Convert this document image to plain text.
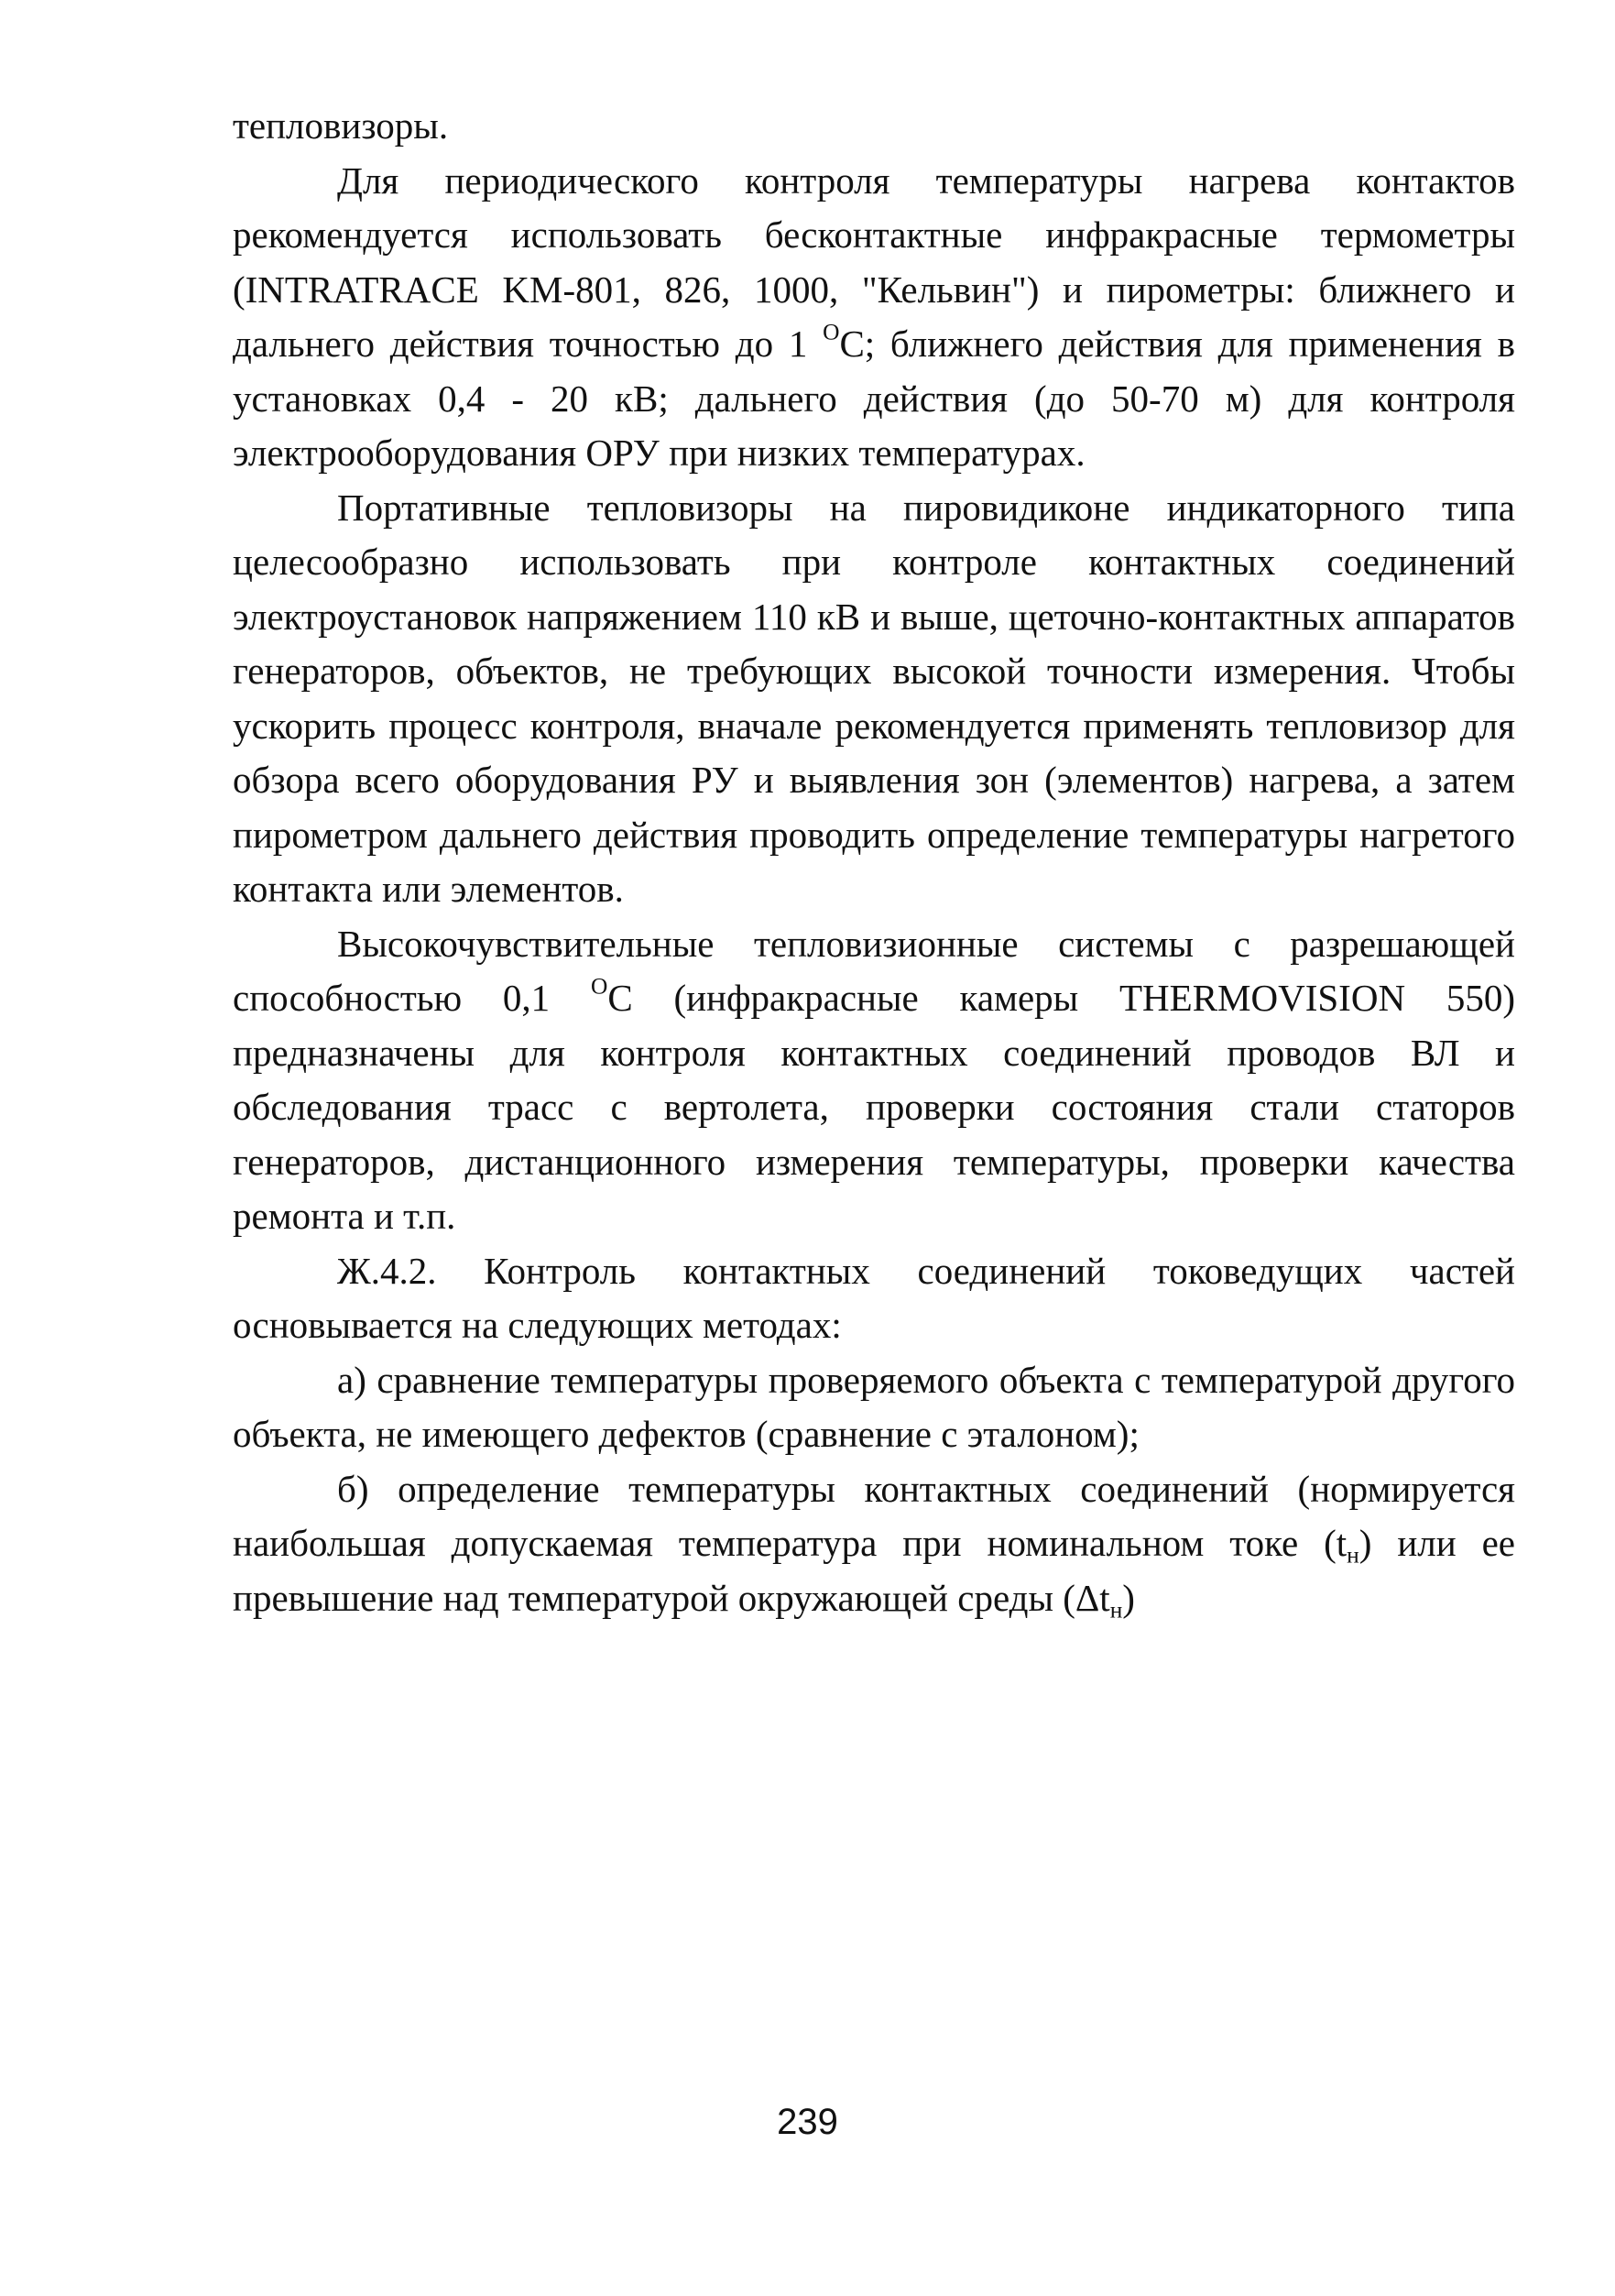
тепловизоры.

Для периодического контроля температуры нагрева контактов рекомендуется использовать бесконтактные инфракрасные термометры (INTRATRACE KM-801, 826, 1000, "Кельвин") и пирометры: ближнего и дальнего действия точностью до 1 $^O$C; ближнего действия для применения в установках 0,4 - 20 кВ; дальнего действия (до 50-70 м) для контроля электрооборудования ОРУ при низких температурах.

Портативные тепловизоры на пировидиконе индикаторного типа целесообразно использовать при контроле контактных соединений электроустановок напряжением 110 кВ и выше, щеточно-контактных аппаратов генераторов, объектов, не требующих высокой точности измерения. Чтобы ускорить процесс контроля, вначале рекомендуется применять тепловизор для обзора всего оборудования РУ и выявления зон (элементов) нагрева, а затем пирометром дальнего действия проводить определение температуры нагретого контакта или элементов.

Высокочувствительные тепловизионные системы с разрешающей способностью 0,1 $^O$C (инфракрасные камеры THERMOVISION 550) предназначены для контроля контактных соединений проводов ВЛ и обследования трасс с вертолета, проверки состояния стали статоров генераторов, дистанционного измерения температуры, проверки качества ремонта и т.п.

Ж.4.2. Контроль контактных соединений токоведущих частей основывается на следующих методах:

а) сравнение температуры проверяемого объекта с температурой другого объекта, не имеющего дефектов (сравнение с эталоном);

б) определение температуры контактных соединений (нормируется наибольшая допускаемая температура при номинальном токе $(t_н)$ или ее превышение над температурой окружающей среды $(\Delta t_н)$

239
